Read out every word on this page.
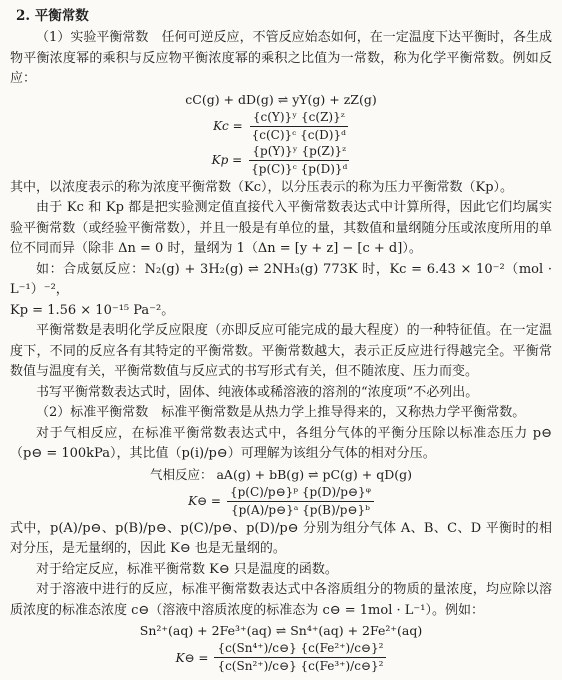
2. 平衡常数

（1）实验平衡常数　任何可逆反应，不管反应始态如何，在一定温度下达平衡时，各生成物平衡浓度幂的乘积与反应物平衡浓度幂的乘积之比值为一常数，称为化学平衡常数。例如反应：

cC(g) + dD(g) ⇌ yY(g) + zZ(g)
$Kc = \frac{\text{\{c(Y)\}ʸ \{c(Z)\}ᶻ}}{\text{\{c(C)\}ᶜ \{c(D)\}ᵈ}}$
$Kp = \frac{\text{\{p(Y)\}ʸ \{p(Z)\}ᶻ}}{\text{\{p(C)\}ᶜ \{p(D)\}ᵈ}}$

其中，以浓度表示的称为浓度平衡常数（Kc），以分压表示的称为压力平衡常数（Kp）。

由于 Kc 和 Kp 都是把实验测定值直接代入平衡常数表达式中计算所得，因此它们均属实验平衡常数（或经验平衡常数），并且一般是有单位的量，其数值和量纲随分压或浓度所用的单位不同而异（除非 Δn = 0 时，量纲为 1（Δn = [y + z] − [c + d]）。

如：合成氨反应：N₂(g) + 3H₂(g) ⇌ 2NH₃(g) 773K 时，Kc = 6.43 × 10⁻²（mol · L⁻¹）⁻²，

Kp = 1.56 × 10⁻¹⁵ Pa⁻²。

平衡常数是表明化学反应限度（亦即反应可能完成的最大程度）的一种特征值。在一定温度下，不同的反应各有其特定的平衡常数。平衡常数越大，表示正反应进行得越完全。平衡常数值与温度有关，平衡常数值与反应式的书写形式有关，但不随浓度、压力而变。

书写平衡常数表达式时，固体、纯液体或稀溶液的溶剂的“浓度项”不必列出。

（2）标准平衡常数　标准平衡常数是从热力学上推导得来的，又称热力学平衡常数。

对于气相反应，在标准平衡常数表达式中，各组分气体的平衡分压除以标准态压力 p⊖（p⊖ = 100kPa），其比值（p(i)/p⊖）可理解为该组分气体的相对分压。

气相反应： aA(g) + bB(g) ⇌ pC(g) + qD(g)
K⊖ = $\frac{\text{\{p(C)/p⊖\}ᵖ \{p(D)/p⊖\}ᵠ}}{\text{\{p(A)/p⊖\}ᵃ \{p(B)/p⊖\}ᵇ}}$

式中，p(A)/p⊖、p(B)/p⊖、p(C)/p⊖、p(D)/p⊖ 分别为组分气体 A、B、C、D 平衡时的相对分压，是无量纲的，因此 K⊖ 也是无量纲的。

对于给定反应，标准平衡常数 K⊖ 只是温度的函数。

对于溶液中进行的反应，标准平衡常数表达式中各溶质组分的物质的量浓度，均应除以溶质浓度的标准态浓度 c⊖（溶液中溶质浓度的标准态为 c⊖ = 1mol · L⁻¹）。例如：

Sn²⁺(aq) + 2Fe³⁺(aq) ⇌ Sn⁴⁺(aq) + 2Fe²⁺(aq)
K⊖ = $\frac{\text{\{c(Sn⁴⁺)/c⊖\} \{c(Fe²⁺)/c⊖\}²}}{\text{\{c(Sn²⁺)/c⊖\} \{c(Fe³⁺)/c⊖\}²}}$
